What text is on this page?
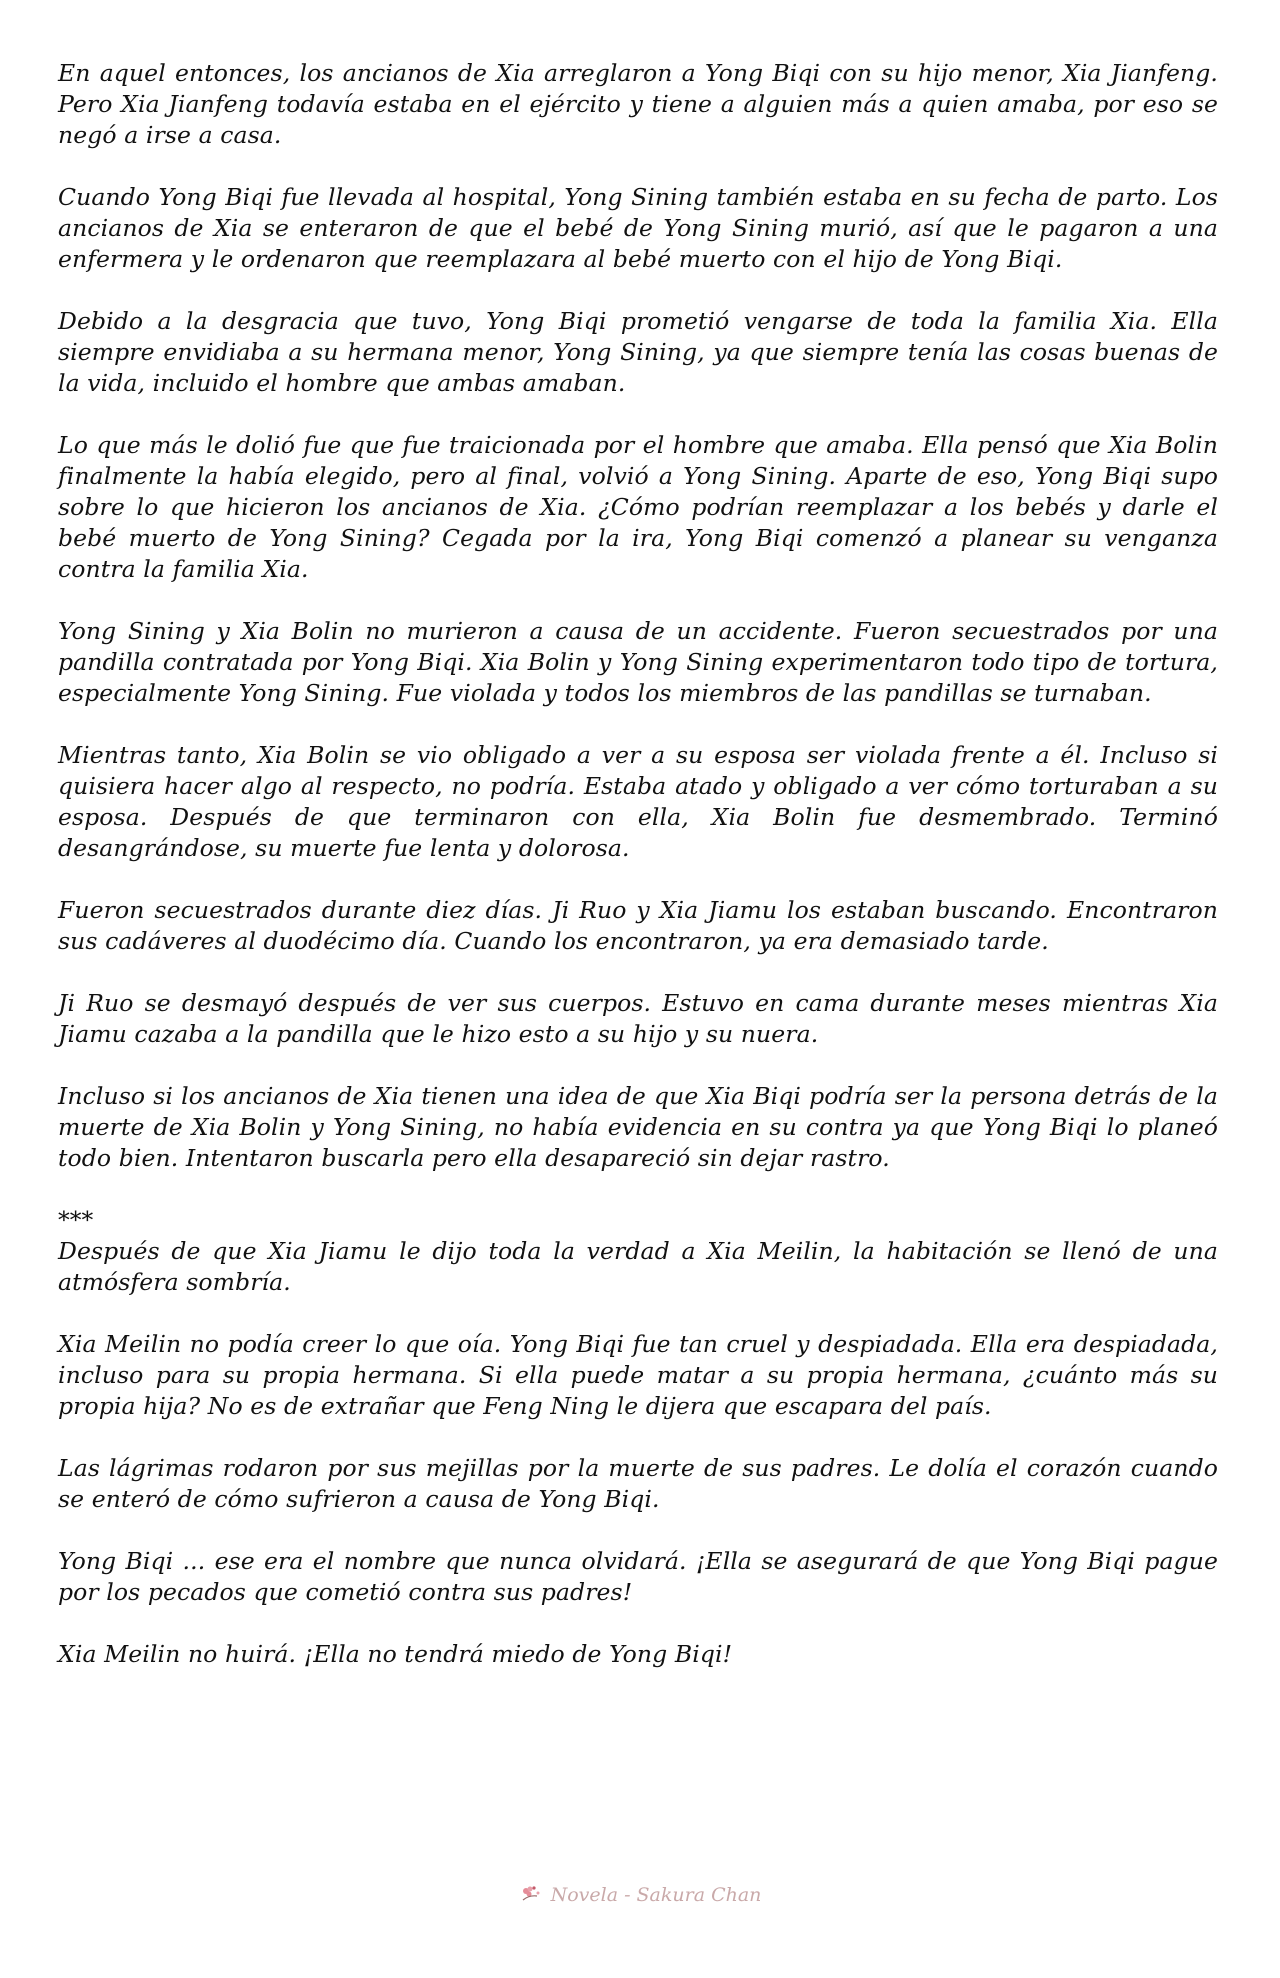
En aquel entonces, los ancianos de Xia arreglaron a Yong Biqi con su hijo menor, Xia Jianfeng. Pero Xia Jianfeng todavía estaba en el ejército y tiene a alguien más a quien amaba, por eso se negó a irse a casa.

Cuando Yong Biqi fue llevada al hospital, Yong Sining también estaba en su fecha de parto. Los ancianos de Xia se enteraron de que el bebé de Yong Sining murió, así que le pagaron a una enfermera y le ordenaron que reemplazara al bebé muerto con el hijo de Yong Biqi.

Debido a la desgracia que tuvo, Yong Biqi prometió vengarse de toda la familia Xia. Ella siempre envidiaba a su hermana menor, Yong Sining, ya que siempre tenía las cosas buenas de la vida, incluido el hombre que ambas amaban.

Lo que más le dolió fue que fue traicionada por el hombre que amaba. Ella pensó que Xia Bolin finalmente la había elegido, pero al final, volvió a Yong Sining. Aparte de eso, Yong Biqi supo sobre lo que hicieron los ancianos de Xia. ¿Cómo podrían reemplazar a los bebés y darle el bebé muerto de Yong Sining? Cegada por la ira, Yong Biqi comenzó a planear su venganza contra la familia Xia.

Yong Sining y Xia Bolin no murieron a causa de un accidente. Fueron secuestrados por una pandilla contratada por Yong Biqi. Xia Bolin y Yong Sining experimentaron todo tipo de tortura, especialmente Yong Sining. Fue violada y todos los miembros de las pandillas se turnaban.

Mientras tanto, Xia Bolin se vio obligado a ver a su esposa ser violada frente a él. Incluso si quisiera hacer algo al respecto, no podría. Estaba atado y obligado a ver cómo torturaban a su esposa. Después de que terminaron con ella, Xia Bolin fue desmembrado. Terminó desangrándose, su muerte fue lenta y dolorosa.

Fueron secuestrados durante diez días. Ji Ruo y Xia Jiamu los estaban buscando. Encontraron sus cadáveres al duodécimo día. Cuando los encontraron, ya era demasiado tarde.

Ji Ruo se desmayó después de ver sus cuerpos. Estuvo en cama durante meses mientras Xia Jiamu cazaba a la pandilla que le hizo esto a su hijo y su nuera.

Incluso si los ancianos de Xia tienen una idea de que Xia Biqi podría ser la persona detrás de la muerte de Xia Bolin y Yong Sining, no había evidencia en su contra ya que Yong Biqi lo planeó todo bien. Intentaron buscarla pero ella desapareció sin dejar rastro.

***

Después de que Xia Jiamu le dijo toda la verdad a Xia Meilin, la habitación se llenó de una atmósfera sombría.

Xia Meilin no podía creer lo que oía. Yong Biqi fue tan cruel y despiadada. Ella era despiadada, incluso para su propia hermana. Si ella puede matar a su propia hermana, ¿cuánto más su propia hija? No es de extrañar que Feng Ning le dijera que escapara del país.

Las lágrimas rodaron por sus mejillas por la muerte de sus padres. Le dolía el corazón cuando se enteró de cómo sufrieron a causa de Yong Biqi.

Yong Biqi ... ese era el nombre que nunca olvidará. ¡Ella se asegurará de que Yong Biqi pague por los pecados que cometió contra sus padres!

Xia Meilin no huirá. ¡Ella no tendrá miedo de Yong Biqi!

Novela - Sakura Chan
